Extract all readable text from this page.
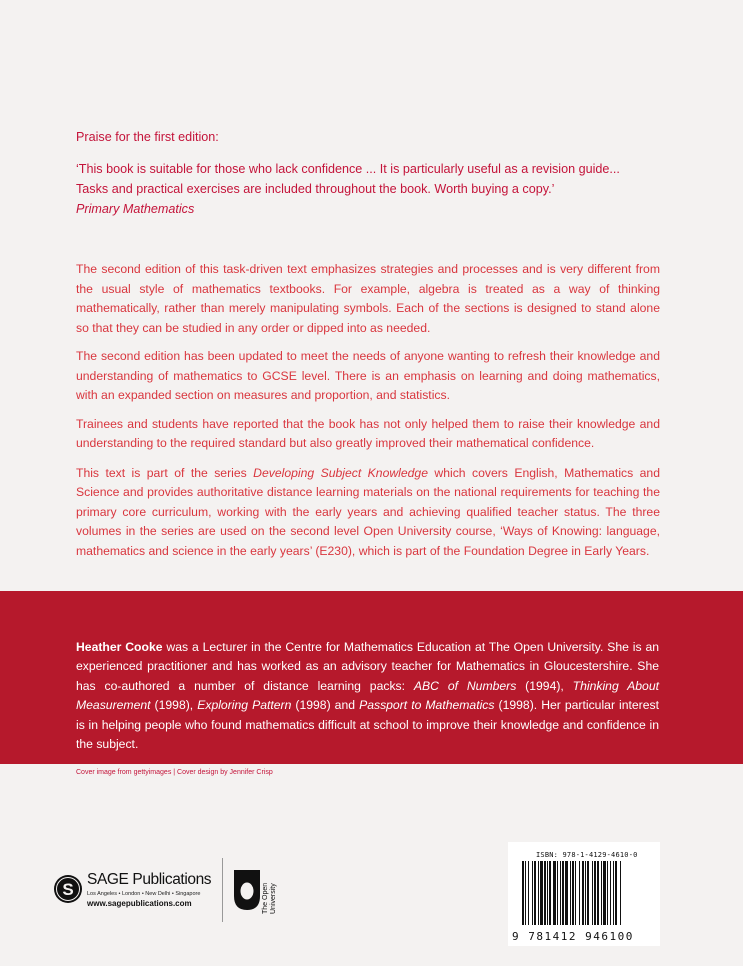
Praise for the first edition:

‘This book is suitable for those who lack confidence ... It is particularly useful as a revision guide...

Tasks and practical exercises are included throughout the book. Worth buying a copy.’

Primary Mathematics

The second edition of this task-driven text emphasizes strategies and processes and is very different from the usual style of mathematics textbooks. For example, algebra is treated as a way of thinking mathematically, rather than merely manipulating symbols. Each of the sections is designed to stand alone so that they can be studied in any order or dipped into as needed.

The second edition has been updated to meet the needs of anyone wanting to refresh their knowledge and understanding of mathematics to GCSE level. There is an emphasis on learning and doing mathematics, with an expanded section on measures and proportion, and statistics.

Trainees and students have reported that the book has not only helped them to raise their knowledge and understanding to the required standard but also greatly improved their mathematical confidence.

This text is part of the series Developing Subject Knowledge which covers English, Mathematics and Science and provides authoritative distance learning materials on the national requirements for teaching the primary core curriculum, working with the early years and achieving qualified teacher status. The three volumes in the series are used on the second level Open University course, ‘Ways of Knowing: language, mathematics and science in the early years’ (E230), which is part of the Foundation Degree in Early Years.

Heather Cooke was a Lecturer in the Centre for Mathematics Education at The Open University. She is an experienced practitioner and has worked as an advisory teacher for Mathematics in Gloucestershire. She has co-authored a number of distance learning packs: ABC of Numbers (1994), Thinking About Measurement (1998), Exploring Pattern (1998) and Passport to Mathematics (1998). Her particular interest is in helping people who found mathematics difficult at school to improve their knowledge and confidence in the subject.

Cover image from gettyimages | Cover design by Jennifer Crisp
S
SAGE Publications
Los Angeles • London • New Delhi • Singapore
www.sagepublications.com	The Open University
ISBN: 978-1-4129-4610-0
9 781412 946100
